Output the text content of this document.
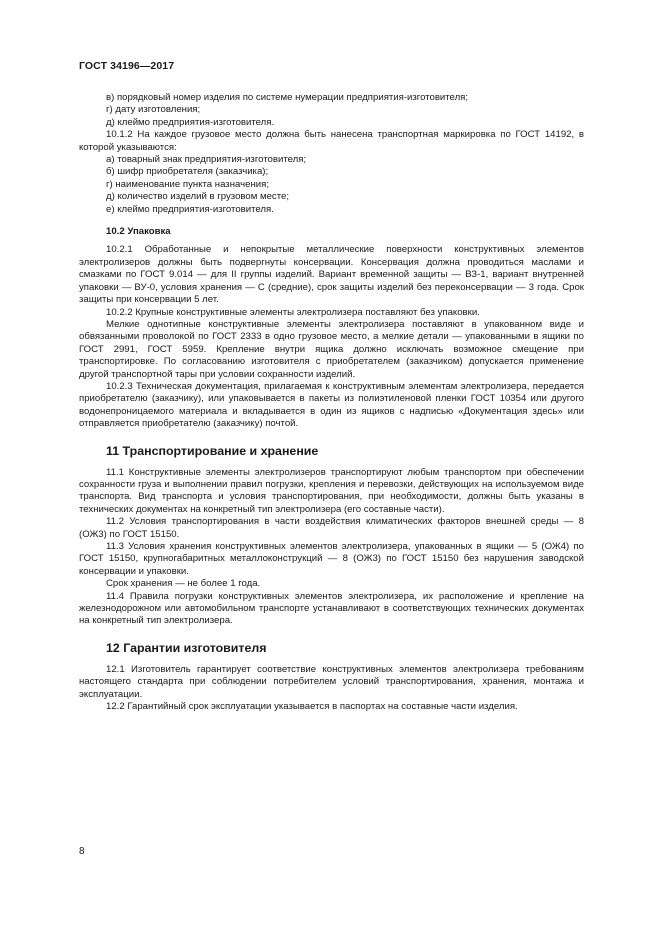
ГОСТ 34196—2017

в) порядковый номер изделия по системе нумерации предприятия-изготовителя;

г) дату изготовления;

д) клеймо предприятия-изготовителя.

10.1.2 На каждое грузовое место должна быть нанесена транспортная маркировка по ГОСТ 14192, в которой указываются:

а) товарный знак предприятия-изготовителя;

б) шифр приобретателя (заказчика);

г) наименование пункта назначения;

д) количество изделий в грузовом месте;

е) клеймо предприятия-изготовителя.

10.2 Упаковка

10.2.1 Обработанные и непокрытые металлические поверхности конструктивных элементов электролизеров должны быть подвергнуты консервации. Консервация должна проводиться маслами и смазками по ГОСТ 9.014 — для II группы изделий. Вариант временной защиты — ВЗ-1, вариант внутренней упаковки — ВУ-0, условия хранения — С (средние), срок защиты изделий без переконсервации — 3 года. Срок защиты при консервации 5 лет.

10.2.2 Крупные конструктивные элементы электролизера поставляют без упаковки.

Мелкие однотипные конструктивные элементы электролизера поставляют в упакованном виде и обвязанными проволокой по ГОСТ 2333 в одно грузовое место, а мелкие детали — упакованными в ящики по ГОСТ 2991, ГОСТ 5959. Крепление внутри ящика должно исключать возможное смещение при транспортировке. По согласованию изготовителя с приобретателем (заказчиком) допускается применение другой транспортной тары при условии сохранности изделий.

10.2.3 Техническая документация, прилагаемая к конструктивным элементам электролизера, передается приобретателю (заказчику), или упаковывается в пакеты из полиэтиленовой пленки ГОСТ 10354 или другого водонепроницаемого материала и вкладывается в один из ящиков с надписью «Документация здесь» или отправляется приобретателю (заказчику) почтой.

11 Транспортирование и хранение

11.1 Конструктивные элементы электролизеров транспортируют любым транспортом при обеспечении сохранности груза и выполнении правил погрузки, крепления и перевозки, действующих на используемом виде транспорта. Вид транспорта и условия транспортирования, при необходимости, должны быть указаны в технических документах на конкретный тип электролизера (его составные части).

11.2 Условия транспортирования в части воздействия климатических факторов внешней среды — 8 (ОЖ3) по ГОСТ 15150.

11.3 Условия хранения конструктивных элементов электролизера, упакованных в ящики — 5 (ОЖ4) по ГОСТ 15150, крупногабаритных металлоконструкций — 8 (ОЖ3) по ГОСТ 15150 без нарушения заводской консервации и упаковки.

Срок хранения — не более 1 года.

11.4 Правила погрузки конструктивных элементов электролизера, их расположение и крепление на железнодорожном или автомобильном транспорте устанавливают в соответствующих технических документах на конкретный тип электролизера.

12 Гарантии изготовителя

12.1 Изготовитель гарантирует соответствие конструктивных элементов электролизера требованиям настоящего стандарта при соблюдении потребителем условий транспортирования, хранения, монтажа и эксплуатации.

12.2 Гарантийный срок эксплуатации указывается в паспортах на составные части изделия.

8
